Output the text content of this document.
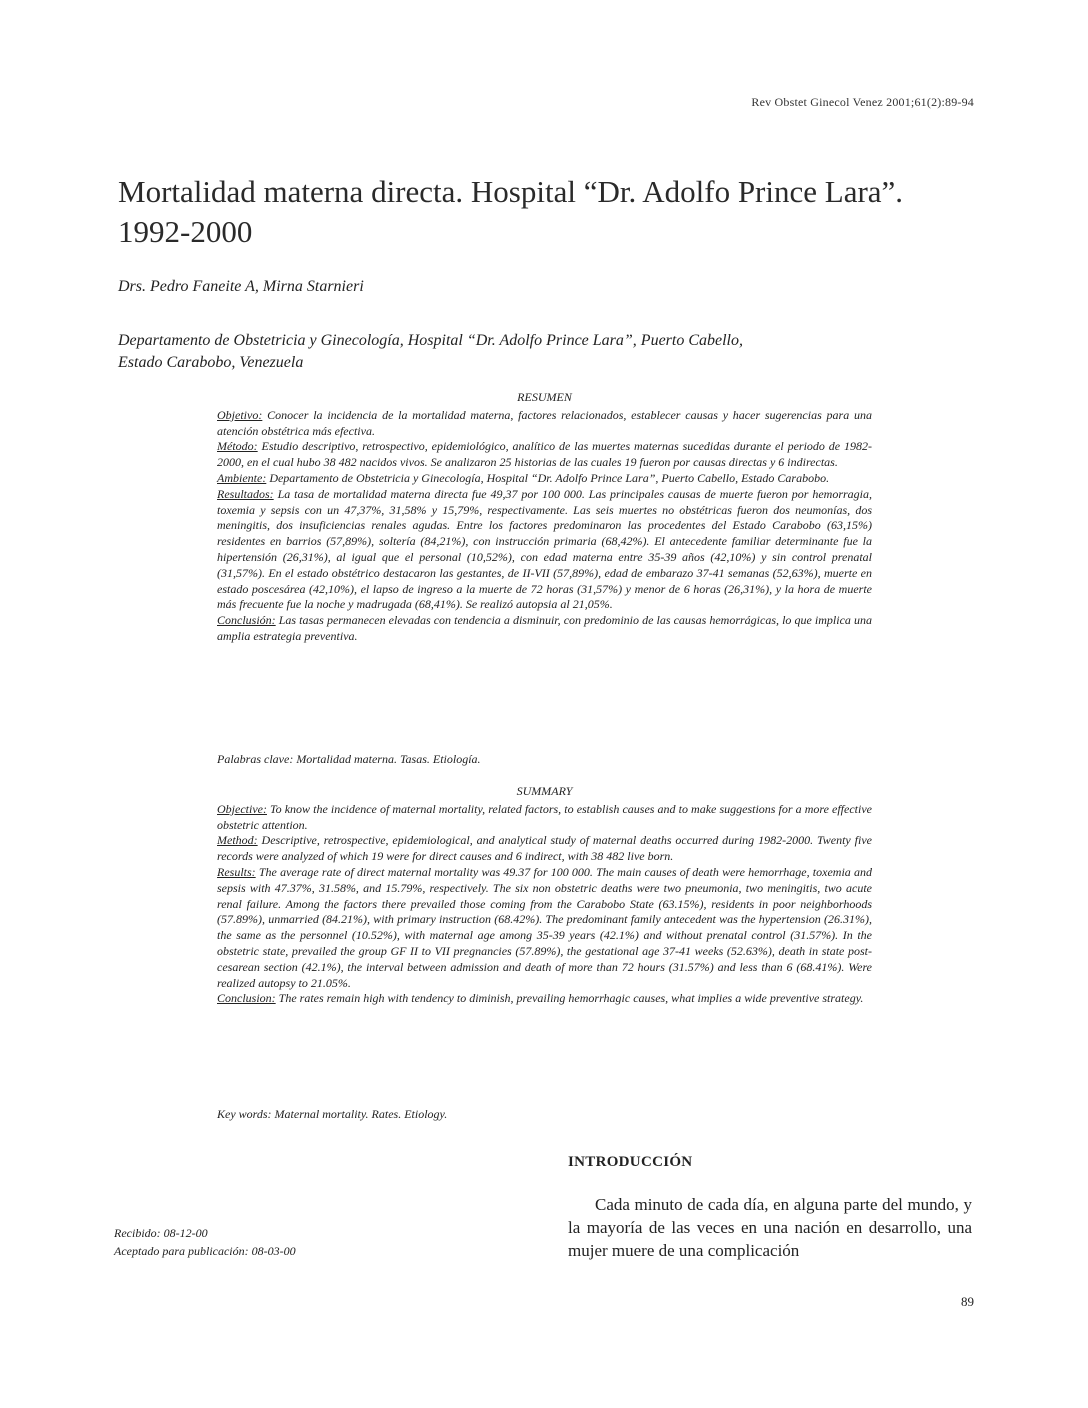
Rev Obstet Ginecol Venez 2001;61(2):89-94
Mortalidad materna directa. Hospital “Dr. Adolfo Prince Lara”.
1992-2000
Drs. Pedro Faneite A, Mirna Starnieri
Departamento de Obstetricia y Ginecología, Hospital “Dr. Adolfo Prince Lara”, Puerto Cabello,
Estado Carabobo, Venezuela
RESUMEN

Objetivo: Conocer la incidencia de la mortalidad materna, factores relacionados, establecer causas y hacer sugerencias para una atención obstétrica más efectiva.

Método: Estudio descriptivo, retrospectivo, epidemiológico, analítico de las muertes maternas sucedidas durante el periodo de 1982-2000, en el cual hubo 38 482 nacidos vivos. Se analizaron 25 historias de las cuales 19 fueron por causas directas y 6 indirectas.

Ambiente: Departamento de Obstetricia y Ginecología, Hospital “Dr. Adolfo Prince Lara”, Puerto Cabello, Estado Carabobo.

Resultados: La tasa de mortalidad materna directa fue 49,37 por 100 000. Las principales causas de muerte fueron por hemorragia, toxemia y sepsis con un 47,37%, 31,58% y 15,79%, respectivamente. Las seis muertes no obstétricas fueron dos neumonías, dos meningitis, dos insuficiencias renales agudas. Entre los factores predominaron las procedentes del Estado Carabobo (63,15%) residentes en barrios (57,89%), soltería (84,21%), con instrucción primaria (68,42%). El antecedente familiar determinante fue la hipertensión (26,31%), al igual que el personal (10,52%), con edad materna entre 35-39 años (42,10%) y sin control prenatal (31,57%). En el estado obstétrico destacaron las gestantes, de II-VII (57,89%), edad de embarazo 37-41 semanas (52,63%), muerte en estado poscesárea (42,10%), el lapso de ingreso a la muerte de 72 horas (31,57%) y menor de 6 horas (26,31%), y la hora de muerte más frecuente fue la noche y madrugada (68,41%). Se realizó autopsia al 21,05%.

Conclusión: Las tasas permanecen elevadas con tendencia a disminuir, con predominio de las causas hemorrágicas, lo que implica una amplia estrategia preventiva.

Palabras clave: Mortalidad materna. Tasas. Etiología.
SUMMARY

Objective: To know the incidence of maternal mortality, related factors, to establish causes and to make suggestions for a more effective obstetric attention.

Method: Descriptive, retrospective, epidemiological, and analytical study of maternal deaths occurred during 1982-2000. Twenty five records were analyzed of which 19 were for direct causes and 6 indirect, with 38 482 live born.

Results: The average rate of direct maternal mortality was 49.37 for 100 000. The main causes of death were hemorrhage, toxemia and sepsis with 47.37%, 31.58%, and 15.79%, respectively. The six non obstetric deaths were two pneumonia, two meningitis, two acute renal failure. Among the factors there prevailed those coming from the Carabobo State (63.15%), residents in poor neighborhoods (57.89%), unmarried (84.21%), with primary instruction (68.42%). The predominant family antecedent was the hypertension (26.31%), the same as the personnel (10.52%), with maternal age among 35-39 years (42.1%) and without prenatal control (31.57%). In the obstetric state, prevailed the group GF II to VII pregnancies (57.89%), the gestational age 37-41 weeks (52.63%), death in state post-cesarean section (42.1%), the interval between admission and death of more than 72 hours (31.57%) and less than 6 (68.41%). Were realized autopsy to 21.05%.

Conclusion: The rates remain high with tendency to diminish, prevailing hemorrhagic causes, what implies a wide preventive strategy.

Key words: Maternal mortality. Rates. Etiology.
INTRODUCCIÓN

Cada minuto de cada día, en alguna parte del mundo, y la mayoría de las veces en una nación en desarrollo, una mujer muere de una complicación

Recibido: 08-12-00
Aceptado para publicación: 08-03-00
89
